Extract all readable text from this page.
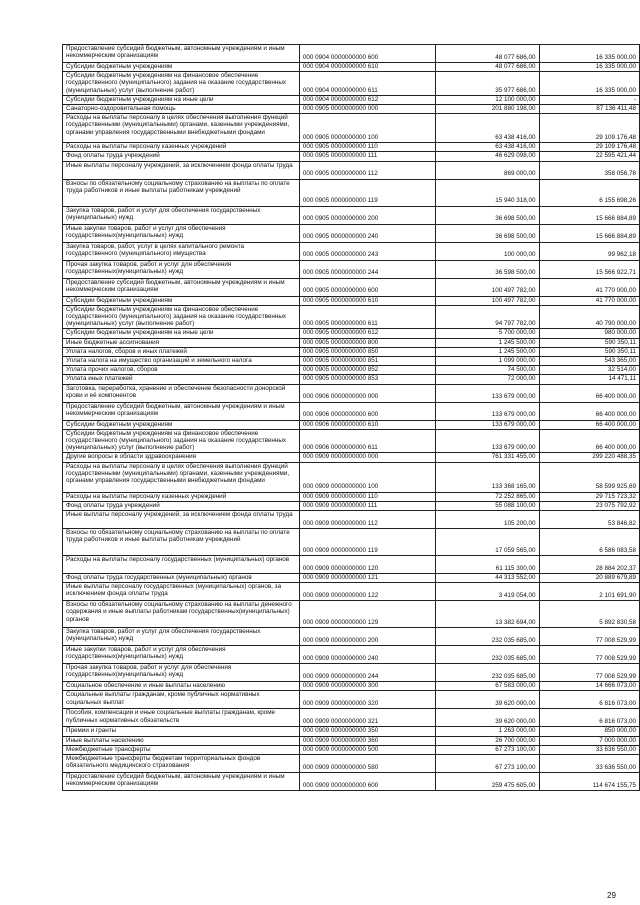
Предоставление субсидий бюджетным, автономным учреждениям и иным некоммерческим организациям	000 0904 0000000000 600	48 077 686,00	16 335 000,00
Субсидии бюджетным учреждениям	000 0904 0000000000 610	48 077 686,00	16 335 000,00
Субсидии бюджетным учреждениям на финансовое обеспечение государственного (муниципального) задания на оказание государственных (муниципальных) услуг (выполнение работ)	000 0904 0000000000 611	35 977 686,00	16 335 000,00
Субсидии бюджетным учреждениям на иные цели	000 0904 0000000000 612	12 100 000,00	-
Санаторно-оздоровительная помощь	000 0905 0000000000 000	201 880 198,00	87 136 411,48
Расходы на выплаты персоналу в целях обеспечения выполнения функций государственными (муниципальными) органами, казенными учреждениями, органами управления государственными внебюджетными фондами	000 0905 0000000000 100	63 438 416,00	29 109 176,48
Расходы на выплаты персоналу казенных учреждений	000 0905 0000000000 110	63 438 416,00	29 109 176,48
Фонд оплаты труда учреждений	000 0905 0000000000 111	46 629 098,00	22 595 421,44
Иные выплаты персоналу учреждений, за исключением фонда оплаты труда	000 0905 0000000000 112	869 000,00	358 056,78
Взносы по обязательному социальному страхованию на выплаты по оплате труда работников и иные выплаты работникам учреждений	000 0905 0000000000 119	15 940 318,00	6 155 698,26
Закупка товаров, работ и услуг для обеспечения государственных (муниципальных) нужд	000 0905 0000000000 200	36 698 500,00	15 666 884,89
Иные закупки товаров, работ и услуг для обеспечения государственных(муниципальных) нужд	000 0905 0000000000 240	36 698 500,00	15 666 884,89
Закупка товаров, работ, услуг в целях капитального ремонта государственного (муниципального) имущества	000 0905 0000000000 243	100 000,00	99 962,18
Прочая закупка товаров, работ и услуг для обеспечения государственных(муниципальных) нужд	000 0905 0000000000 244	36 598 500,00	15 566 922,71
Предоставление субсидий бюджетным, автономным учреждениям и иным некоммерческим организациям	000 0905 0000000000 600	100 497 782,00	41 770 000,00
Субсидии бюджетным учреждениям	000 0905 0000000000 610	100 497 782,00	41 770 000,00
Субсидии бюджетным учреждениям на финансовое обеспечение государственного (муниципального) задания на оказание государственных (муниципальных) услуг (выполнение работ)	000 0905 0000000000 611	94 797 782,00	40 790 000,00
Субсидии бюджетным учреждениям на иные цели	000 0905 0000000000 612	5 700 000,00	980 000,00
Иные бюджетные ассигнования	000 0905 0000000000 800	1 245 500,00	590 350,11
Уплата налогов, сборов и иных платежей	000 0905 0000000000 850	1 245 500,00	590 350,11
Уплата налога на имущество организаций и земельного налога	000 0905 0000000000 851	1 099 000,00	543 365,00
Уплата прочих налогов, сборов	000 0905 0000000000 852	74 500,00	32 514,00
Уплата иных платежей	000 0905 0000000000 853	72 000,00	14 471,11
Заготовка, переработка, хранение и обеспечение безопасности донорской крови и её компонентов	000 0906 0000000000 000	133 679 000,00	66 400 000,00
Предоставление субсидий бюджетным, автономным учреждениям и иным некоммерческим организациям	000 0906 0000000000 600	133 679 000,00	66 400 000,00
Субсидии бюджетным учреждениям	000 0906 0000000000 610	133 679 000,00	66 400 000,00
Субсидии бюджетным учреждениям на финансовое обеспечение государственного (муниципального) задания на оказание государственных (муниципальных) услуг (выполнение работ)	000 0906 0000000000 611	133 679 000,00	66 400 000,00
Другие вопросы в области здравоохранения	000 0909 0000000000 000	761 331 455,00	299 220 488,35
Расходы на выплаты персоналу в целях обеспечения выполнения функций государственными (муниципальными) органами, казенными учреждениями, органами управления государственными внебюджетными фондами	000 0909 0000000000 100	133 368 165,00	58 599 925,69
Расходы на выплаты персоналу казенных учреждений	000 0909 0000000000 110	72 252 865,00	29 715 723,32
Фонд оплаты труда учреждений	000 0909 0000000000 111	55 088 100,00	23 075 792,92
Иные выплаты персоналу учреждений, за исключением фонда оплаты труда	000 0909 0000000000 112	105 200,00	53 846,82
Взносы по обязательному социальному страхованию на выплаты по оплате труда работников и иные выплаты работникам учреждений	000 0909 0000000000 119	17 059 565,00	6 586 083,58
Расходы на выплаты персоналу государственных (муниципальных) органов	000 0909 0000000000 120	61 115 300,00	28 884 202,37
Фонд оплаты труда государственных (муниципальных) органов	000 0909 0000000000 121	44 313 552,00	20 889 679,89
Иные выплаты персоналу государственных (муниципальных) органов, за исключением фонда оплаты труда	000 0909 0000000000 122	3 419 054,00	2 101 691,90
Взносы по обязательному социальному страхованию на выплаты денежного содержания и иные выплаты работникам государственных(муниципальных) органов	000 0909 0000000000 129	13 382 694,00	5 892 830,58
Закупка товаров, работ и услуг для обеспечения государственных (муниципальных) нужд	000 0909 0000000000 200	232 035 685,00	77 008 529,99
Иные закупки товаров, работ и услуг для обеспечения государственных(муниципальных) нужд	000 0909 0000000000 240	232 035 685,00	77 008 529,99
Прочая закупка товаров, работ и услуг для обеспечения государственных(муниципальных) нужд	000 0909 0000000000 244	232 035 685,00	77 008 529,99
Социальное обеспечение и иные выплаты населению	000 0909 0000000000 300	67 583 000,00	14 666 073,00
Социальные выплаты гражданам, кроме публичных нормативных социальных выплат	000 0909 0000000000 320	39 620 000,00	6 816 073,00
Пособия, компенсации и иные социальные выплаты гражданам, кроме публичных нормативных обязательств	000 0909 0000000000 321	39 620 000,00	6 816 073,00
Премии и гранты	000 0909 0000000000 350	1 263 000,00	850 000,00
Иные выплаты населению	000 0909 0000000000 360	26 700 000,00	7 000 000,00
Межбюджетные трансферты	000 0909 0000000000 500	67 273 100,00	33 636 550,00
Межбюджетные трансферты бюджетам территориальных фондов обязательного медицинского страхования	000 0909 0000000000 580	67 273 100,00	33 636 550,00
Предоставление субсидий бюджетным, автономным учреждениям и иным некоммерческим организациям	000 0909 0000000000 600	259 475 605,00	114 674 155,75
29
